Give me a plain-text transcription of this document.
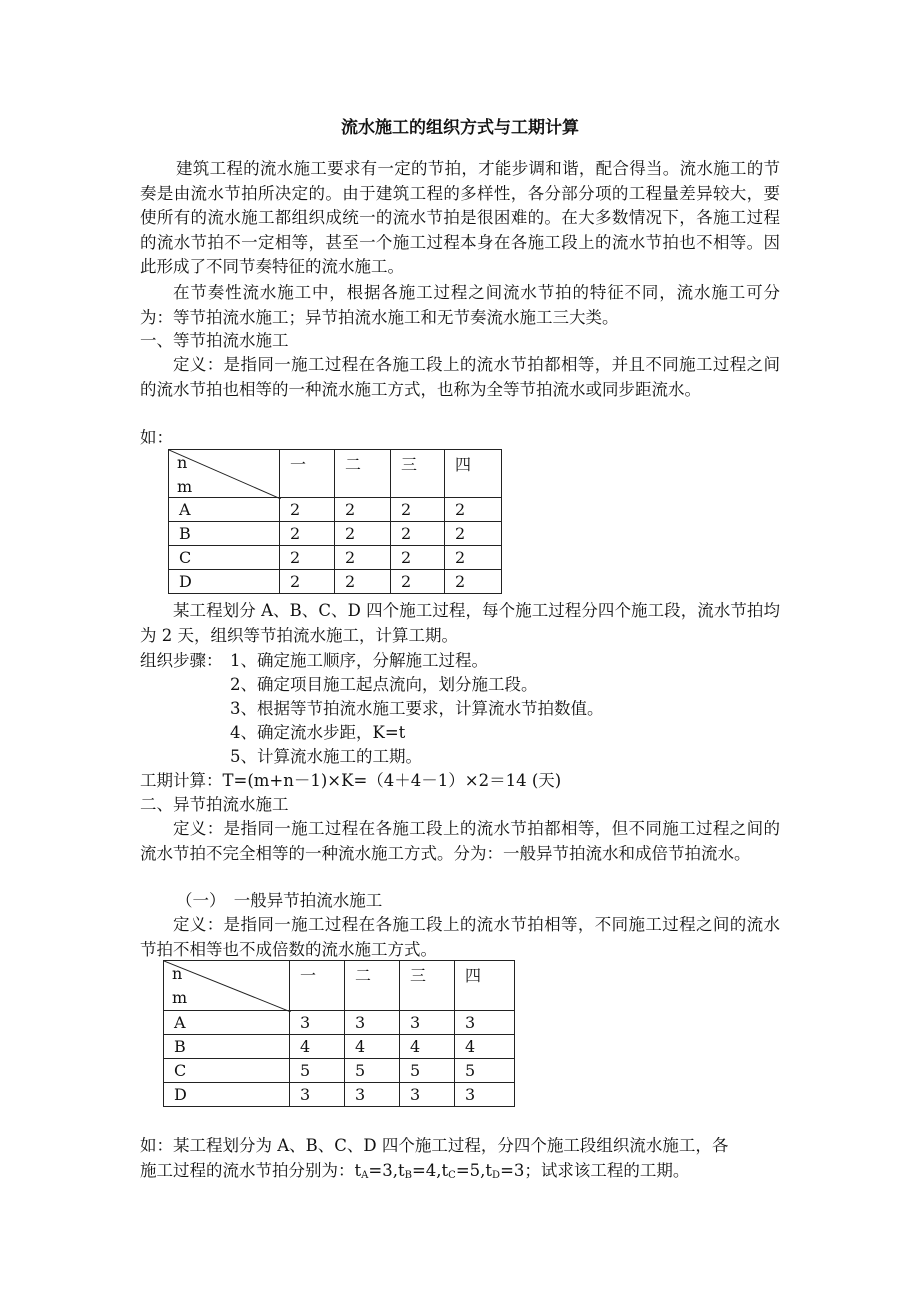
流水施工的组织方式与工期计算
建筑工程的流水施工要求有一定的节拍，才能步调和谐，配合得当。流水施工的节奏是由流水节拍所决定的。由于建筑工程的多样性，各分部分项的工程量差异较大，要使所有的流水施工都组织成统一的流水节拍是很困难的。在大多数情况下，各施工过程的流水节拍不一定相等，甚至一个施工过程本身在各施工段上的流水节拍也不相等。因此形成了不同节奏特征的流水施工。
在节奏性流水施工中，根据各施工过程之间流水节拍的特征不同，流水施工可分为：等节拍流水施工；异节拍流水施工和无节奏流水施工三大类。
一、等节拍流水施工
定义：是指同一施工过程在各施工段上的流水节拍都相等，并且不同施工过程之间的流水节拍也相等的一种流水施工方式，也称为全等节拍流水或同步距流水。
如：
n
m	一	二	三	四
A	2	2	2	2
B	2	2	2	2
C	2	2	2	2
D	2	2	2	2
某工程划分 A、B、C、D 四个施工过程，每个施工过程分四个施工段，流水节拍均为 2 天，组织等节拍流水施工，计算工期。
组织步骤： 1、确定施工顺序，分解施工过程。
2、确定项目施工起点流向，划分施工段。
3、根据等节拍流水施工要求，计算流水节拍数值。
4、确定流水步距，K=t
5、计算流水施工的工期。
工期计算：T=(m+n－1)×K=（4＋4－1）×2＝14 (天)
二、异节拍流水施工
定义：是指同一施工过程在各施工段上的流水节拍都相等，但不同施工过程之间的流水节拍不完全相等的一种流水施工方式。分为：一般异节拍流水和成倍节拍流水。
（一）　一般异节拍流水施工
定义：是指同一施工过程在各施工段上的流水节拍相等，不同施工过程之间的流水节拍不相等也不成倍数的流水施工方式。
n
m	一	二	三	四
A	3	3	3	3
B	4	4	4	4
C	5	5	5	5
D	3	3	3	3
如：某工程划分为 A、B、C、D 四个施工过程，分四个施工段组织流水施工，各
施工过程的流水节拍分别为：$t_A=3,t_B=4,t_C=5,t_D=3$；试求该工程的工期。
